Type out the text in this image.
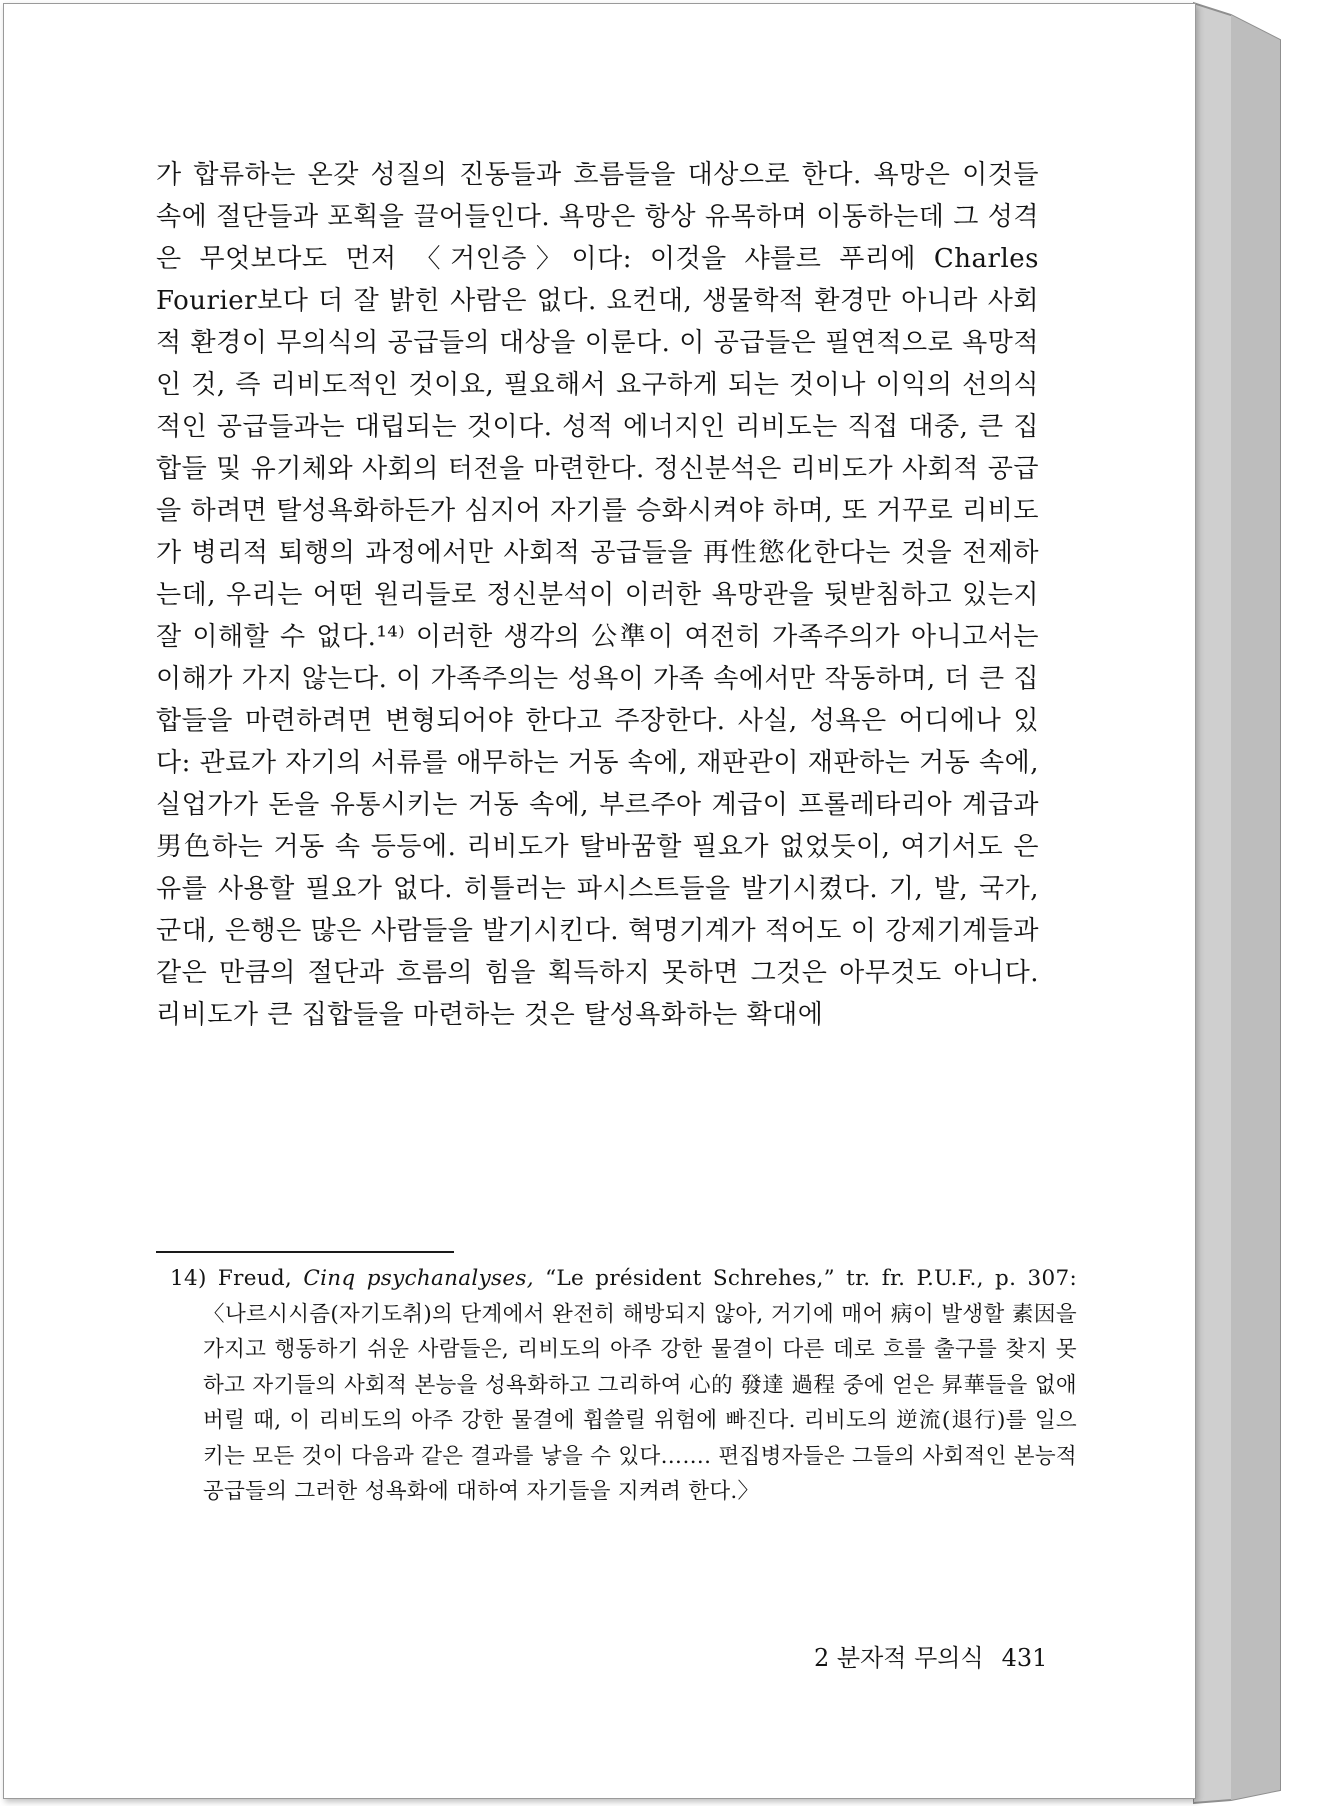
가 합류하는 온갖 성질의 진동들과 흐름들을 대상으로 한다. 욕망은 이것들 속에 절단들과 포획을 끌어들인다. 욕망은 항상 유목하며 이동하는데 그 성격은 무엇보다도 먼저 〈거인증〉이다: 이것을 샤를르 푸리에 Charles Fourier보다 더 잘 밝힌 사람은 없다. 요컨대, 생물학적 환경만 아니라 사회적 환경이 무의식의 공급들의 대상을 이룬다. 이 공급들은 필연적으로 욕망적인 것, 즉 리비도적인 것이요, 필요해서 요구하게 되는 것이나 이익의 선의식적인 공급들과는 대립되는 것이다. 성적 에너지인 리비도는 직접 대중, 큰 집합들 및 유기체와 사회의 터전을 마련한다. 정신분석은 리비도가 사회적 공급을 하려면 탈성욕화하든가 심지어 자기를 승화시켜야 하며, 또 거꾸로 리비도가 병리적 퇴행의 과정에서만 사회적 공급들을 再性慾化한다는 것을 전제하는데, 우리는 어떤 원리들로 정신분석이 이러한 욕망관을 뒷받침하고 있는지 잘 이해할 수 없다.¹⁴⁾ 이러한 생각의 公準이 여전히 가족주의가 아니고서는 이해가 가지 않는다. 이 가족주의는 성욕이 가족 속에서만 작동하며, 더 큰 집합들을 마련하려면 변형되어야 한다고 주장한다. 사실, 성욕은 어디에나 있다: 관료가 자기의 서류를 애무하는 거동 속에, 재판관이 재판하는 거동 속에, 실업가가 돈을 유통시키는 거동 속에, 부르주아 계급이 프롤레타리아 계급과 男色하는 거동 속 등등에. 리비도가 탈바꿈할 필요가 없었듯이, 여기서도 은유를 사용할 필요가 없다. 히틀러는 파시스트들을 발기시켰다. 기, 발, 국가, 군대, 은행은 많은 사람들을 발기시킨다. 혁명기계가 적어도 이 강제기계들과 같은 만큼의 절단과 흐름의 힘을 획득하지 못하면 그것은 아무것도 아니다. 리비도가 큰 집합들을 마련하는 것은 탈성욕화하는 확대에

14) Freud, Cinq psychanalyses, “Le président Schrehes,” tr. fr. P.U.F., p. 307: 〈나르시시즘(자기도취)의 단계에서 완전히 해방되지 않아, 거기에 매어 病이 발생할 素因을 가지고 행동하기 쉬운 사람들은, 리비도의 아주 강한 물결이 다른 데로 흐를 출구를 찾지 못하고 자기들의 사회적 본능을 성욕화하고 그리하여 心的 發達 過程 중에 얻은 昇華들을 없애버릴 때, 이 리비도의 아주 강한 물결에 휩쓸릴 위험에 빠진다. 리비도의 逆流(退行)를 일으키는 모든 것이 다음과 같은 결과를 낳을 수 있다……. 편집병자들은 그들의 사회적인 본능적 공급들의 그러한 성욕화에 대하여 자기들을 지켜려 한다.〉

2 분자적 무의식 431
